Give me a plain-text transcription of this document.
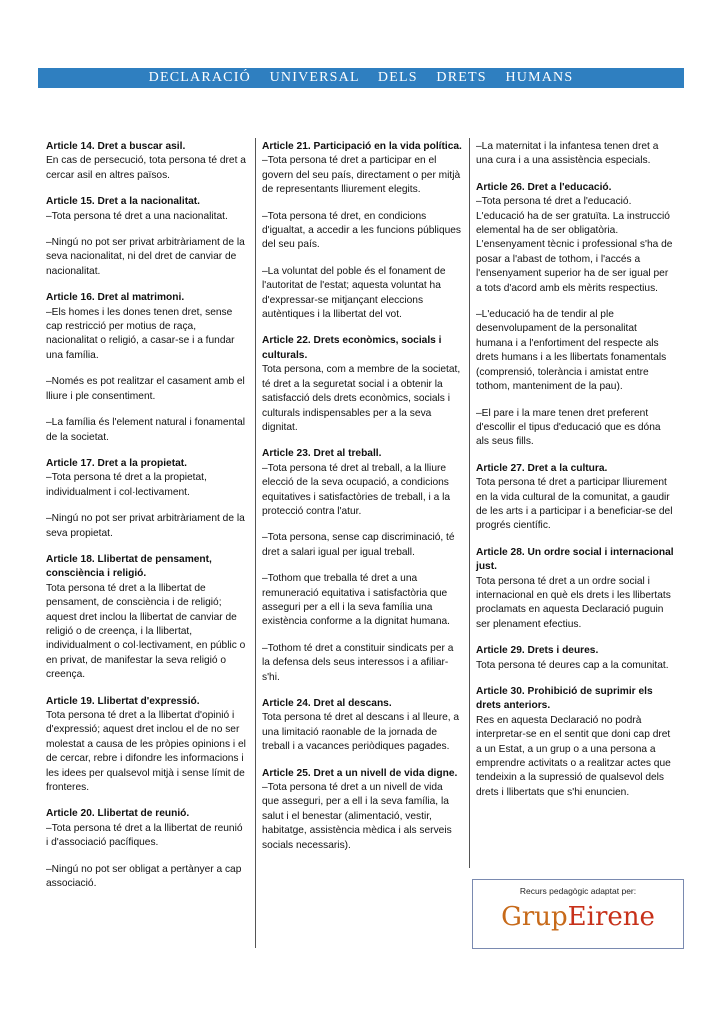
DECLARACIÓ UNIVERSAL DELS DRETS HUMANS
Article 14. Dret a buscar asil.
En cas de persecució, tota persona té dret a cercar asil en altres països.
Article 15. Dret a la nacionalitat.
–Tota persona té dret a una nacionalitat.
–Ningú no pot ser privat arbitràriament de la seva nacionalitat, ni del dret de canviar de nacionalitat.
Article 16. Dret al matrimoni.
–Els homes i les dones tenen dret, sense cap restricció per motius de raça, nacionalitat o religió, a casar-se i a fundar una família.
–Només es pot realitzar el casament amb el lliure i ple consentiment.
–La família és l'element natural i fonamental de la societat.
Article 17. Dret a la propietat.
–Tota persona té dret a la propietat, individualment i col·lectivament.
–Ningú no pot ser privat arbitràriament de la seva propietat.
Article 18. Llibertat de pensament, consciència i religió.
Tota persona té dret a la llibertat de pensament, de consciència i de religió; aquest dret inclou la llibertat de canviar de religió o de creença, i la llibertat, individualment o col·lectivament, en públic o en privat, de manifestar la seva religió o creença.
Article 19. Llibertat d'expressió.
Tota persona té dret a la llibertat d'opinió i d'expressió; aquest dret inclou el de no ser molestat a causa de les pròpies opinions i el de cercar, rebre i difondre les informacions i les idees per qualsevol mitjà i sense límit de fronteres.
Article 20. Llibertat de reunió.
–Tota persona té dret a la llibertat de reunió i d'associació pacífiques.
–Ningú no pot ser obligat a pertànyer a cap associació.
Article 21. Participació en la vida política.
–Tota persona té dret a participar en el govern del seu país, directament o per mitjà de representants lliurement elegits.
–Tota persona té dret, en condicions d'igualtat, a accedir a les funcions públiques del seu país.
–La voluntat del poble és el fonament de l'autoritat de l'estat; aquesta voluntat ha d'expressar-se mitjançant eleccions autèntiques i la llibertat del vot.
Article 22. Drets econòmics, socials i culturals.
Tota persona, com a membre de la societat, té dret a la seguretat social i a obtenir la satisfacció dels drets econòmics, socials i culturals indispensables per a la seva dignitat.
Article 23. Dret al treball.
–Tota persona té dret al treball, a la lliure elecció de la seva ocupació, a condicions equitatives i satisfactòries de treball, i a la protecció contra l'atur.
–Tota persona, sense cap discriminació, té dret a salari igual per igual treball.
–Tothom que treballa té dret a una remuneració equitativa i satisfactòria que asseguri per a ell i la seva família una existència conforme a la dignitat humana.
–Tothom té dret a constituir sindicats per a la defensa dels seus interessos i a afiliar-s'hi.
Article 24. Dret al descans.
Tota persona té dret al descans i al lleure, a una limitació raonable de la jornada de treball i a vacances periòdiques pagades.
Article 25. Dret a un nivell de vida digne.
–Tota persona té dret a un nivell de vida que asseguri, per a ell i la seva família, la salut i el benestar (alimentació, vestir, habitatge, assistència mèdica i als serveis socials necessaris).
–La maternitat i la infantesa tenen dret a una cura i a una assistència especials.
Article 26. Dret a l'educació.
–Tota persona té dret a l'educació. L'educació ha de ser gratuïta. La instrucció elemental ha de ser obligatòria. L'ensenyament tècnic i professional s'ha de posar a l'abast de tothom, i l'accés a l'ensenyament superior ha de ser igual per a tots d'acord amb els mèrits respectius.
–L'educació ha de tendir al ple desenvolupament de la personalitat humana i a l'enfortiment del respecte als drets humans i a les llibertats fonamentals (comprensió, tolerància i amistat entre tothom, manteniment de la pau).
–El pare i la mare tenen dret preferent d'escollir el tipus d'educació que es dóna als seus fills.
Article 27. Dret a la cultura.
Tota persona té dret a participar lliurement en la vida cultural de la comunitat, a gaudir de les arts i a participar i a beneficiar-se del progrés científic.
Article 28. Un ordre social i internacional just.
Tota persona té dret a un ordre social i internacional en què els drets i les llibertats proclamats en aquesta Declaració puguin ser plenament efectius.
Article 29. Drets i deures.
Tota persona té deures cap a la comunitat.
Article 30. Prohibició de suprimir els drets anteriors.
Res en aquesta Declaració no podrà interpretar-se en el sentit que doni cap dret a un Estat, a un grup o a una persona a emprendre activitats o a realitzar actes que tendeixin a la supressió de qualsevol dels drets i llibertats que s'hi enuncien.
Recurs pedagògic adaptat per:
GrupEirene
